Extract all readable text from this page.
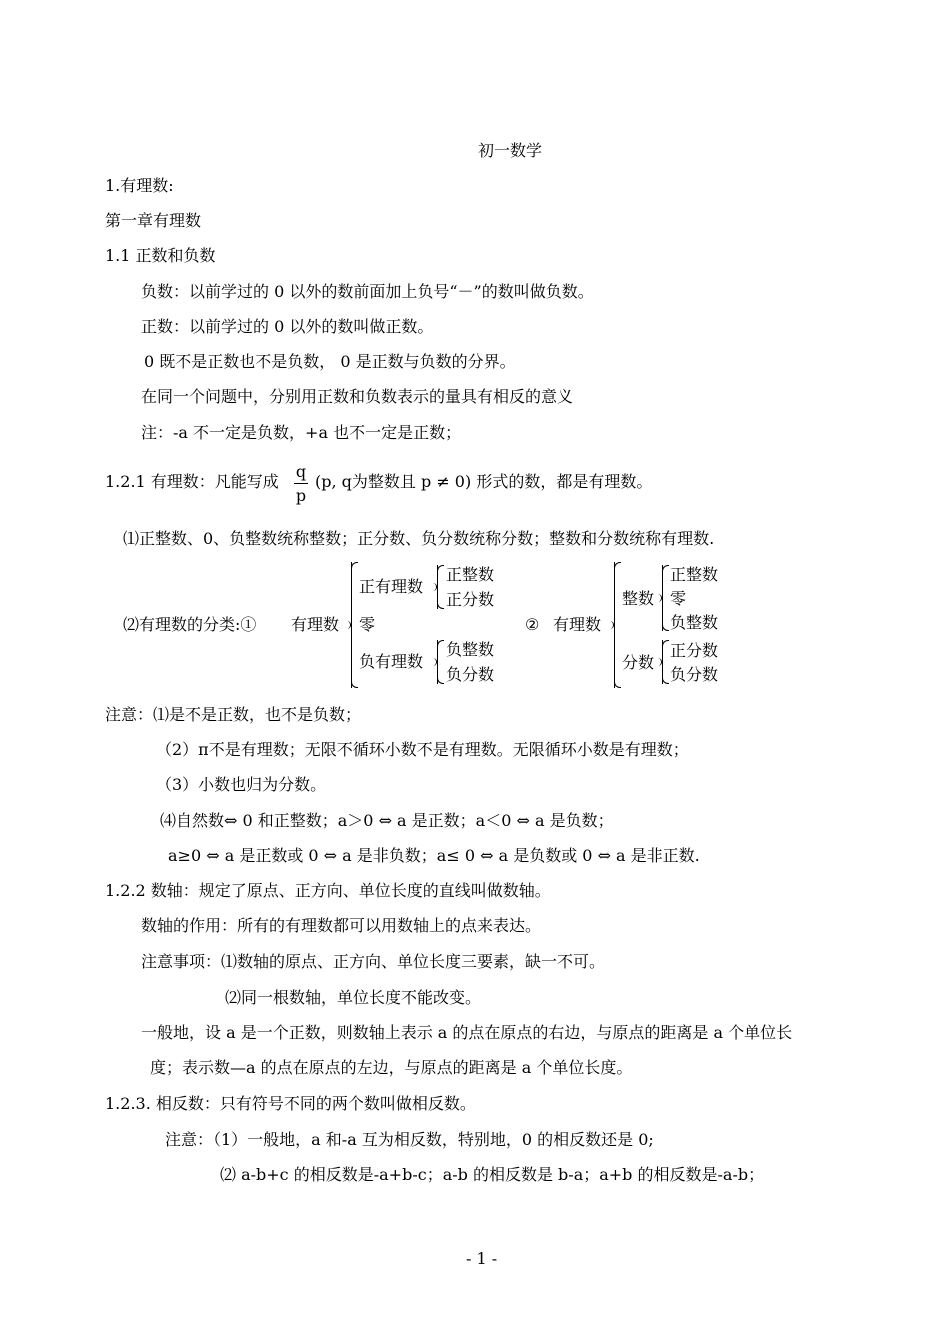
初一数学
1.有理数:
第一章有理数
1.1 正数和负数
负数：以前学过的 0 以外的数前面加上负号“－”的数叫做负数。
正数：以前学过的 0 以外的数叫做正数。
0 既不是正数也不是负数， 0 是正数与负数的分界。
在同一个问题中，分别用正数和负数表示的量具有相反的意义
注：-a 不一定是负数，+a 也不一定是正数；
1.2.1 有理数：凡能写成
q
p
(p, q为整数且 p ≠ 0) 形式的数，都是有理数。
⑴正整数、0、负整数统称整数；正分数、负分数统称分数；整数和分数统称有理数.
⑵有理数的分类:① 有理数
正有理数
正整数
正分数
零
负有理数
负整数
负分数
② 有理数
整数
正整数
零
负整数
分数
正分数
负分数
注意：⑴是不是正数，也不是负数；
（2）π不是有理数；无限不循环小数不是有理数。无限循环小数是有理数；
（3）小数也归为分数。
⑷自然数⇔ 0 和正整数；a＞0 ⇔ a 是正数；a＜0 ⇔ a 是负数；
a≥0 ⇔ a 是正数或 0 ⇔ a 是非负数；a≤ 0 ⇔ a 是负数或 0 ⇔ a 是非正数.
1.2.2 数轴：规定了原点、正方向、单位长度的直线叫做数轴。
数轴的作用：所有的有理数都可以用数轴上的点来表达。
注意事项：⑴数轴的原点、正方向、单位长度三要素，缺一不可。
⑵同一根数轴，单位长度不能改变。
一般地，设 a 是一个正数，则数轴上表示 a 的点在原点的右边，与原点的距离是 a 个单位长
度；表示数—a 的点在原点的左边，与原点的距离是 a 个单位长度。
1.2.3. 相反数：只有符号不同的两个数叫做相反数。
注意：（1）一般地，a 和-a 互为相反数，特别地，0 的相反数还是 0;
⑵ a-b+c 的相反数是-a+b-c；a-b 的相反数是 b-a；a+b 的相反数是-a-b；
- 1 -
